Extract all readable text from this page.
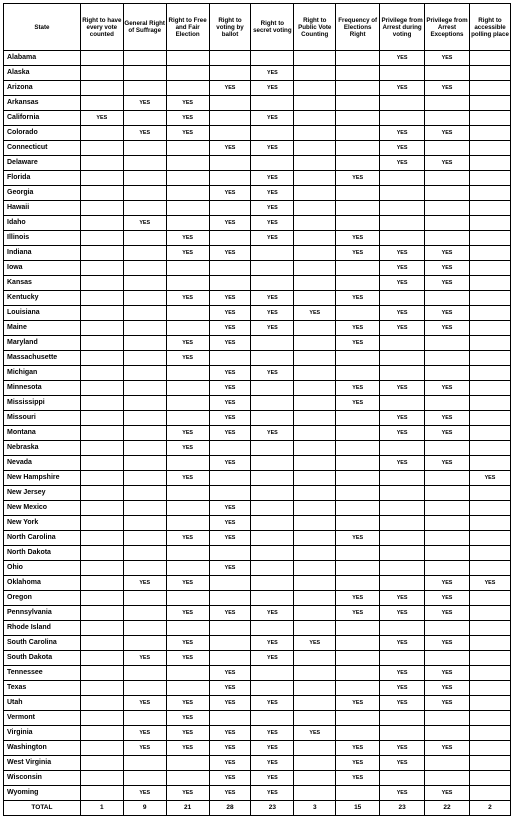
State	Right to have every vote counted	General Right of Suffrage	Right to Free and Fair Election	Right to voting by ballot	Right to secret voting	Right to Public Vote Counting	Frequency of Elections Right	Privilege from Arrest during voting	Privilege from Arrest Exceptions	Right to accessible polling place
Alabama								YES	YES	
Alaska					YES					
Arizona				YES	YES			YES	YES	
Arkansas		YES	YES							
California	YES		YES		YES					
Colorado		YES	YES					YES	YES	
Connecticut				YES	YES			YES		
Delaware								YES	YES	
Florida					YES		YES			
Georgia				YES	YES					
Hawaii					YES					
Idaho		YES		YES	YES					
Illinois			YES		YES		YES			
Indiana			YES	YES			YES	YES	YES	
Iowa								YES	YES	
Kansas								YES	YES	
Kentucky			YES	YES	YES		YES			
Louisiana				YES	YES	YES		YES	YES	
Maine				YES	YES		YES	YES	YES	
Maryland			YES	YES			YES			
Massachusette			YES							
Michigan				YES	YES					
Minnesota				YES			YES	YES	YES	
Mississippi				YES			YES			
Missouri				YES				YES	YES	
Montana			YES	YES	YES			YES	YES	
Nebraska			YES							
Nevada				YES				YES	YES	
New Hampshire			YES							YES
New Jersey										
New Mexico				YES						
New York				YES						
North Carolina			YES	YES			YES			
North Dakota										
Ohio				YES						
Oklahoma		YES	YES						YES	YES
Oregon							YES	YES	YES	
Pennsylvania			YES	YES	YES		YES	YES	YES	
Rhode Island										
South Carolina			YES		YES	YES		YES	YES	
South Dakota		YES	YES		YES					
Tennessee				YES				YES	YES	
Texas				YES				YES	YES	
Utah		YES	YES	YES	YES		YES	YES	YES	
Vermont			YES							
Virginia		YES	YES	YES	YES	YES				
Washington		YES	YES	YES	YES		YES	YES	YES	
West Virginia				YES	YES		YES	YES		
Wisconsin				YES	YES		YES			
Wyoming		YES	YES	YES	YES			YES	YES	
TOTAL	1	9	21	28	23	3	15	23	22	2
